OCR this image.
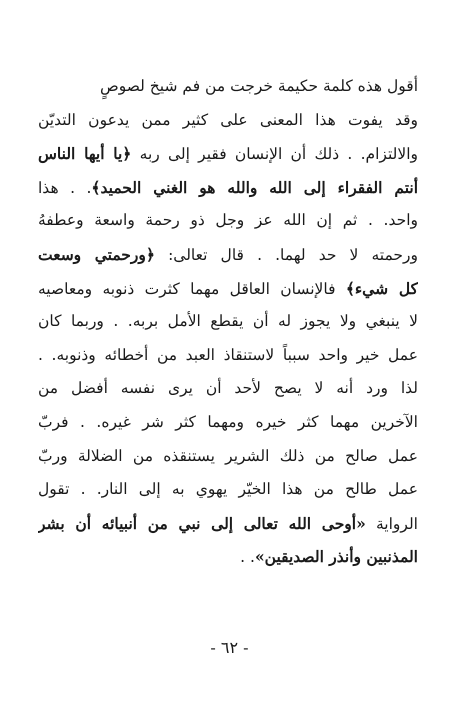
أقول هذه كلمة حكيمة خرجت من فم شيخ لصوصٍ
وقد يفوت هذا المعنى على كثير ممن يدعون التديّن
والالتزام. . ذلك أن الإنسان فقير إلى ربه ﴿يا أيها الناس
أنتم الفقراء إلى الله والله هو الغني الحميد﴾. . هذا
واحد. . ثم إن الله عز وجل ذو رحمة واسعة وعطفهُ
ورحمته لا حد لهما. . قال تعالى: ﴿ورحمتي وسعت
كل شيء﴾ فالإنسان العاقل مهما كثرت ذنوبه ومعاصيه
لا ينبغي ولا يجوز له أن يقطع الأمل بربه. . وربما كان
عمل خير واحد سبباً لاستنقاذ العبد من أخطائه وذنوبه. .
لذا ورد أنه لا يصح لأحد أن يرى نفسه أفضل من
الآخرين مهما كثر خيره ومهما كثر شر غيره. . فربّ
عمل صالح من ذلك الشرير يستنقذه من الضلالة وربّ
عمل طالح من هذا الخيّر يهوي به إلى النار. . تقول
الرواية «أوحى الله تعالى إلى نبي من أنبيائه أن بشر
المذنبين وأنذر الصديقين». .
- ٦٢ -
